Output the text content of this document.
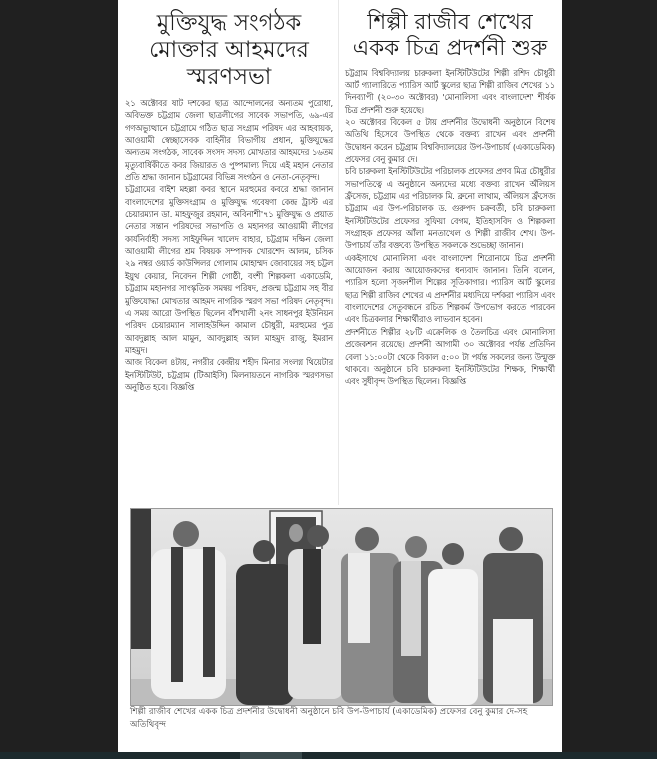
মুক্তিযুদ্ধ সংগঠক
মোক্তার আহমদের
স্মরণসভা

২১ অক্টোবর ষাট দশকের ছাত্র আন্দোলনের অন্যতম পুরোধা, অবিভক্ত চট্টগ্রাম জেলা ছাত্রলীগের সাবেক সভাপতি, ৬৯-এর গণঅভ্যুত্থানে চট্টগ্রামে গঠিত ছাত্র সংগ্রাম পরিষদ এর আহবায়ক, আওয়ামী স্বেচ্ছাসেবক বাহিনীর বিভাগীয় প্রধান, মুক্তিযুদ্ধের অন্যতম সংগঠক, সাবেক সংসদ সদস্য মোখতার আহমদের ১৬তম মৃত্যুবার্ষিকীতে কবর জিয়ারত ও পুষ্পমাল্য দিয়ে এই মহান নেতার প্রতি শ্রদ্ধা জানান চট্টগ্রামের বিভিন্ন সংগঠন ও নেতা-নেতৃবৃন্দ।

চট্টগ্রামের বাইশ মহল্লা কবর স্থানে মরহুমের কবরে শ্রদ্ধা জানান বাংলাদেশের মুক্তিসংগ্রাম ও মুক্তিযুদ্ধ গবেষণা কেন্দ্র ট্রাস্ট এর চেয়ারম্যান ডা. মাহফুজুর রহমান, অবিনাশী'৭১ মুক্তিযুদ্ধ ও প্রয়াত নেতার সন্তান পরিষদের সভাপতি ও মহানগর আওয়ামী লীগের কার্যনির্বাহী সদস্য সাইফুদ্দিন খালেদ বাহার, চট্টগ্রাম দক্ষিন জেলা আওয়ামী লীগের শ্রম বিষয়ক সম্পাদক খোরশেদ আলম, চসিক ২৯ নম্বর ওয়ার্ড কাউন্সিলর গোলাম মোহাম্মদ জোবায়ের সহ চট্টল ইয়ুথ কেয়ার, নিবেদন শিল্পী গোষ্ঠী, বংশী শিল্পকলা একাডেমি, চট্টগ্রাম মহানগর সাংস্কৃতিক সমন্বয় পরিষদ, প্রজন্ম চট্টগ্রাম সহ বীর মুক্তিযোদ্ধা মোখতার আহমদ নাগরিক স্মরণ সভা পরিষদ নেতৃবৃন্দ। এ সময় আরো উপস্থিত ছিলেন বাঁশখালী ২নং সাধনপুর ইউনিয়ন পরিষদ চেয়ারম্যান সালাহউদ্দিন কামাল চৌধুরী, মরহুমের পুত্র আবদুল্লাহ আল মামুন, আবদুল্লাহ আল মাহমুদ রাজু, ইমরান মাহমুদ।

আজ বিকেল ৪টায়, নগরীর কেন্দ্রীয় শহীদ মিনার সংলগ্ন থিয়েটার ইনস্টিটিউট, চট্টগ্রাম (টিআইসি) মিলনায়তনে নাগরিক স্মরণসভা অনুষ্ঠিত হবে। বিজ্ঞপ্তি

শিল্পী রাজীব শেখের
একক চিত্র প্রদর্শনী শুরু

চট্টগ্রাম বিশ্ববিদ্যালয় চারুকলা ইনস্টিটিউটের শিল্পী রশিদ চৌধুরী আর্ট গ্যালারিতে প্যারিস আর্ট স্কুলের ছাত্র শিল্পী রাজিব শেখের ১১ দিনব্যাপী (২০-৩০ অক্টোবর) 'মোনালিসা এবং বাংলাদেশ' শীর্ষক চিত্র প্রদর্শনী শুরু হয়েছে।

২০ অক্টোবর বিকেল ৫ টায় প্রদর্শনীর উদ্বোধনী অনুষ্ঠানে বিশেষ অতিথি হিসেবে উপস্থিত থেকে বক্তব্য রাখেন এবং প্রদর্শনী উদ্বোধন করেন চট্টগ্রাম বিশ্ববিদ্যালয়ের উপ-উপাচার্য (একাডেমিক) প্রফেসর বেনু কুমার দে।

চবি চারুকলা ইনস্টিটিউটের পরিচালক প্রফেসর প্রণব মিত্র চৌধুরীর সভাপতিত্বে এ অনুষ্ঠানে অন্যদের মধ্যে বক্তব্য রাখেন অঁলিয়স ফ্রঁসেজ, চট্টগ্রাম এর পরিচালক মি. ব্রুনো লাথাম, অঁলিয়স ফ্রঁসেজ চট্টগ্রাম এর উপ-পরিচালক ড. গুরুপদ চক্রবর্তী, চবি চারুকলা ইনস্টিটিউটের প্রফেসর সুফিয়া বেগম, ইতিহাসবিদ ও শিল্পকলা সংগ্রাহক প্রফেসর আঁলা মনতাখেল ও শিল্পী রাজীব শেখ। উপ-উপাচার্য তাঁর বক্তব্যে উপস্থিত সকলকে শুভেচ্ছা জানান।

একইসাথে মোনালিসা এবং বাংলাদেশ শিরোনামে চিত্র প্রদর্শনী আয়োজন করায় আয়োজকদের ধন্যবাদ জানান। তিনি বলেন, প্যারিস হলো সৃজনশীল শিল্পের সূতিকাগার। প্যারিস আর্ট স্কুলের ছাত্র শিল্পী রাজিব শেখের এ প্রদর্শনীর মধ্যদিয়ে দর্শকরা প্যারিস এবং বাংলাদেশের সেতুবন্ধনে রচিত শিল্পকর্ম উপভোগ করতে পারবেন এবং চিত্রকলার শিক্ষার্থীরাও লাভবান হবেন।

প্রদর্শনীতে শিল্পীর ২৮টি এক্রেলিক ও তৈলচিত্র এবং মোনালিসা প্রজেকশন রয়েছে। প্রদর্শনী আগামী ৩০ অক্টোবর পর্যন্ত প্রতিদিন বেলা ১১:০০টা থেকে বিকাল ৫:০০ টা পর্যন্ত সকলের জন্য উন্মুক্ত থাকবে। অনুষ্ঠানে চবি চারুকলা ইনস্টিটিউটের শিক্ষক, শিক্ষার্থী এবং সুধীবৃন্দ উপস্থিত ছিলেন। বিজ্ঞপ্তি

শিল্পী রাজীব শেখের একক চিত্র প্রদর্শনীর উদ্বোধনী অনুষ্ঠানে চবি উপ-উপাচার্য (একাডেমিক) প্রফেসর বেনু কুমার দে-সহ অতিথিবৃন্দ
